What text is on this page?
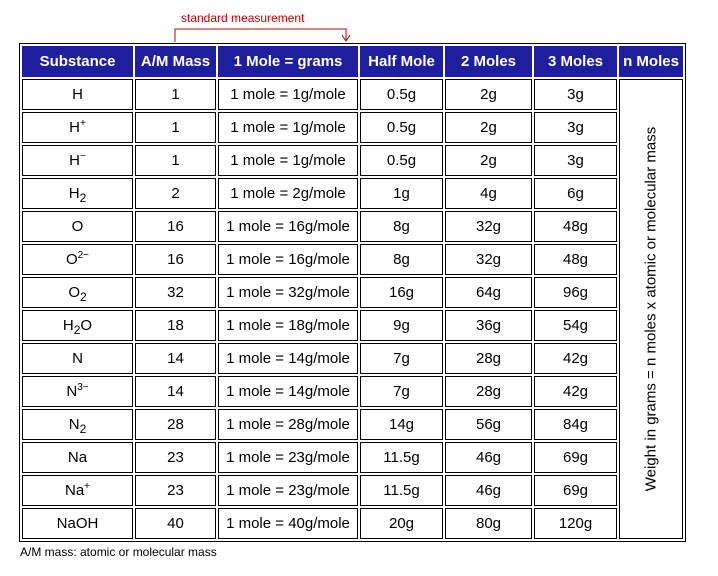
standard measurement
Substance	A/M Mass	1 Mole = grams	Half Mole	2 Moles	3 Moles	n Moles
H	1	1 mole = 1g/mole	0.5g	2g	3g	Weight in grams = n moles x atomic or molecular mass

H+	1	1 mole = 1g/mole	0.5g	2g	3g	
H−	1	1 mole = 1g/mole	0.5g	2g	3g	
$H_2$	2	1 mole = 2g/mole	1g	4g	6g	
O	16	1 mole = 16g/mole	8g	32g	48g	
$O^{2-}$	16	1 mole = 16g/mole	8g	32g	48g	
$O_2$	32	1 mole = 32g/mole	16g	64g	96g	
$H_2O$	18	1 mole = 18g/mole	9g	36g	54g	
N	14	1 mole = 14g/mole	7g	28g	42g	
$N^{3-}$	14	1 mole = 14g/mole	7g	28g	42g	
$N_2$	28	1 mole = 28g/mole	14g	56g	84g	
Na	23	1 mole = 23g/mole	11.5g	46g	69g	
Na+	23	1 mole = 23g/mole	11.5g	46g	69g	
NaOH	40	1 mole = 40g/mole	20g	80g	120g	
A/M mass: atomic or molecular mass
